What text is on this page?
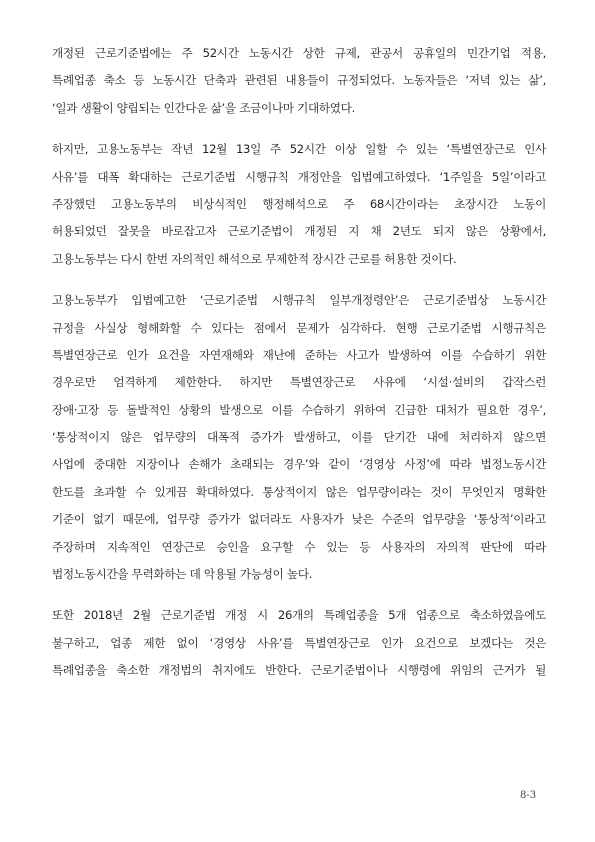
개정된 근로기준법에는 주 52시간 노동시간 상한 규제, 관공서 공휴일의 민간기업 적용,
특례업종 축소 등 노동시간 단축과 관련된 내용들이 규정되었다. 노동자들은 ‘저녁 있는 삶’,
‘일과 생활이 양립되는 인간다운 삶’을 조금이나마 기대하였다.
하지만, 고용노동부는 작년 12월 13일 주 52시간 이상 일할 수 있는 ‘특별연장근로 인사
사유’를 대폭 확대하는 근로기준법 시행규칙 개정안을 입법예고하였다. ‘1주일을 5일’이라고
주장했던 고용노동부의 비상식적인 행정해석으로 주 68시간이라는 초장시간 노동이
허용되었던 잘못을 바로잡고자 근로기준법이 개정된 지 채 2년도 되지 않은 상황에서,
고용노동부는 다시 한번 자의적인 해석으로 무제한적 장시간 근로를 허용한 것이다.
고용노동부가 입법예고한 ‘근로기준법 시행규칙 일부개정령안’은 근로기준법상 노동시간
규정을 사실상 형해화할 수 있다는 점에서 문제가 심각하다. 현행 근로기준법 시행규칙은
특별연장근로 인가 요건을 자연재해와 재난에 준하는 사고가 발생하여 이를 수습하기 위한
경우로만 엄격하게 제한한다. 하지만 특별연장근로 사유에 ‘시설·설비의 갑작스런
장애·고장 등 돌발적인 상황의 발생으로 이를 수습하기 위하여 긴급한 대처가 필요한 경우’,
‘통상적이지 않은 업무량의 대폭적 증가가 발생하고, 이를 단기간 내에 처리하지 않으면
사업에 중대한 지장이나 손해가 초래되는 경우’와 같이 ‘경영상 사정’에 따라 법정노동시간
한도를 초과할 수 있게끔 확대하였다. 통상적이지 않은 업무량이라는 것이 무엇인지 명확한
기준이 없기 때문에, 업무량 증가가 없더라도 사용자가 낮은 수준의 업무량을 ‘통상적’이라고
주장하며 지속적인 연장근로 승인을 요구할 수 있는 등 사용자의 자의적 판단에 따라
법정노동시간을 무력화하는 데 악용될 가능성이 높다.
또한 2018년 2월 근로기준법 개정 시 26개의 특례업종을 5개 업종으로 축소하였음에도
불구하고, 업종 제한 없이 ‘경영상 사유’를 특별연장근로 인가 요건으로 보겠다는 것은
특례업종을 축소한 개정법의 취지에도 반한다. 근로기준법이나 시행령에 위임의 근거가 될
8-3
